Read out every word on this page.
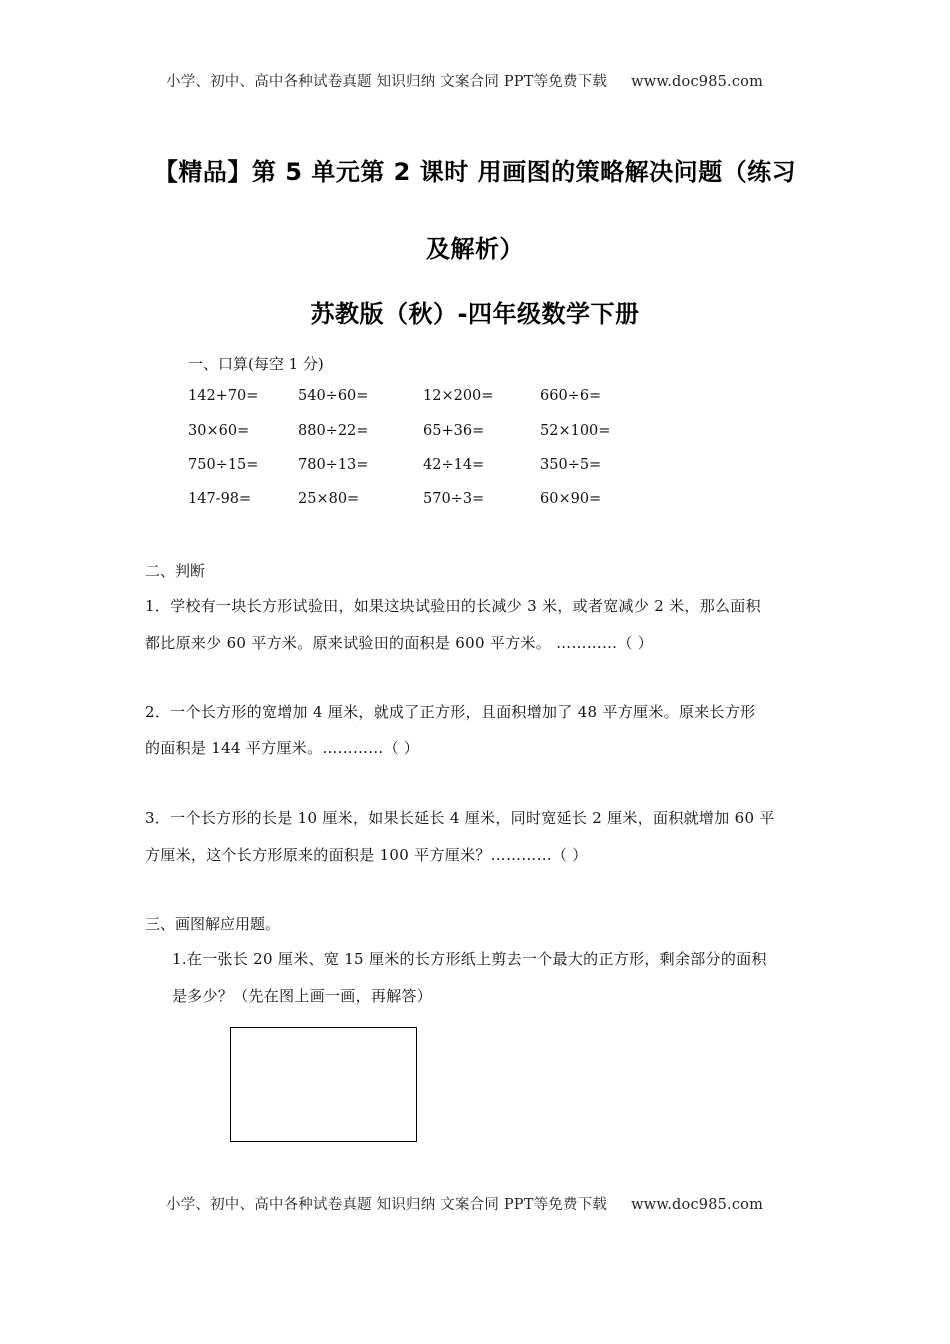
小学、初中、高中各种试卷真题 知识归纳 文案合同 PPT等免费下载 www.doc985.com
【精品】第 5 单元第 2 课时 用画图的策略解决问题（练习
及解析）
苏教版（秋）-四年级数学下册
一、口算(每空 1 分)
142+70=	540÷60=	12×200=	660÷6=
30×60=	880÷22=	65+36=	52×100=
750÷15=	780÷13=	42÷14=	350÷5=
147-98=	25×80=	570÷3=	60×90=
二、判断
1．学校有一块长方形试验田，如果这块试验田的长减少 3 米，或者宽减少 2 米，那么面积
都比原来少 60 平方米。原来试验田的面积是 600 平方米。 …………（ ）
2．一个长方形的宽增加 4 厘米，就成了正方形，且面积增加了 48 平方厘米。原来长方形
的面积是 144 平方厘米。…………（ ）
3．一个长方形的长是 10 厘米，如果长延长 4 厘米，同时宽延长 2 厘米，面积就增加 60 平
方厘米，这个长方形原来的面积是 100 平方厘米？…………（ ）
三、画图解应用题。
1.在一张长 20 厘米、宽 15 厘米的长方形纸上剪去一个最大的正方形，剩余部分的面积
是多少？（先在图上画一画，再解答）
小学、初中、高中各种试卷真题 知识归纳 文案合同 PPT等免费下载 www.doc985.com
